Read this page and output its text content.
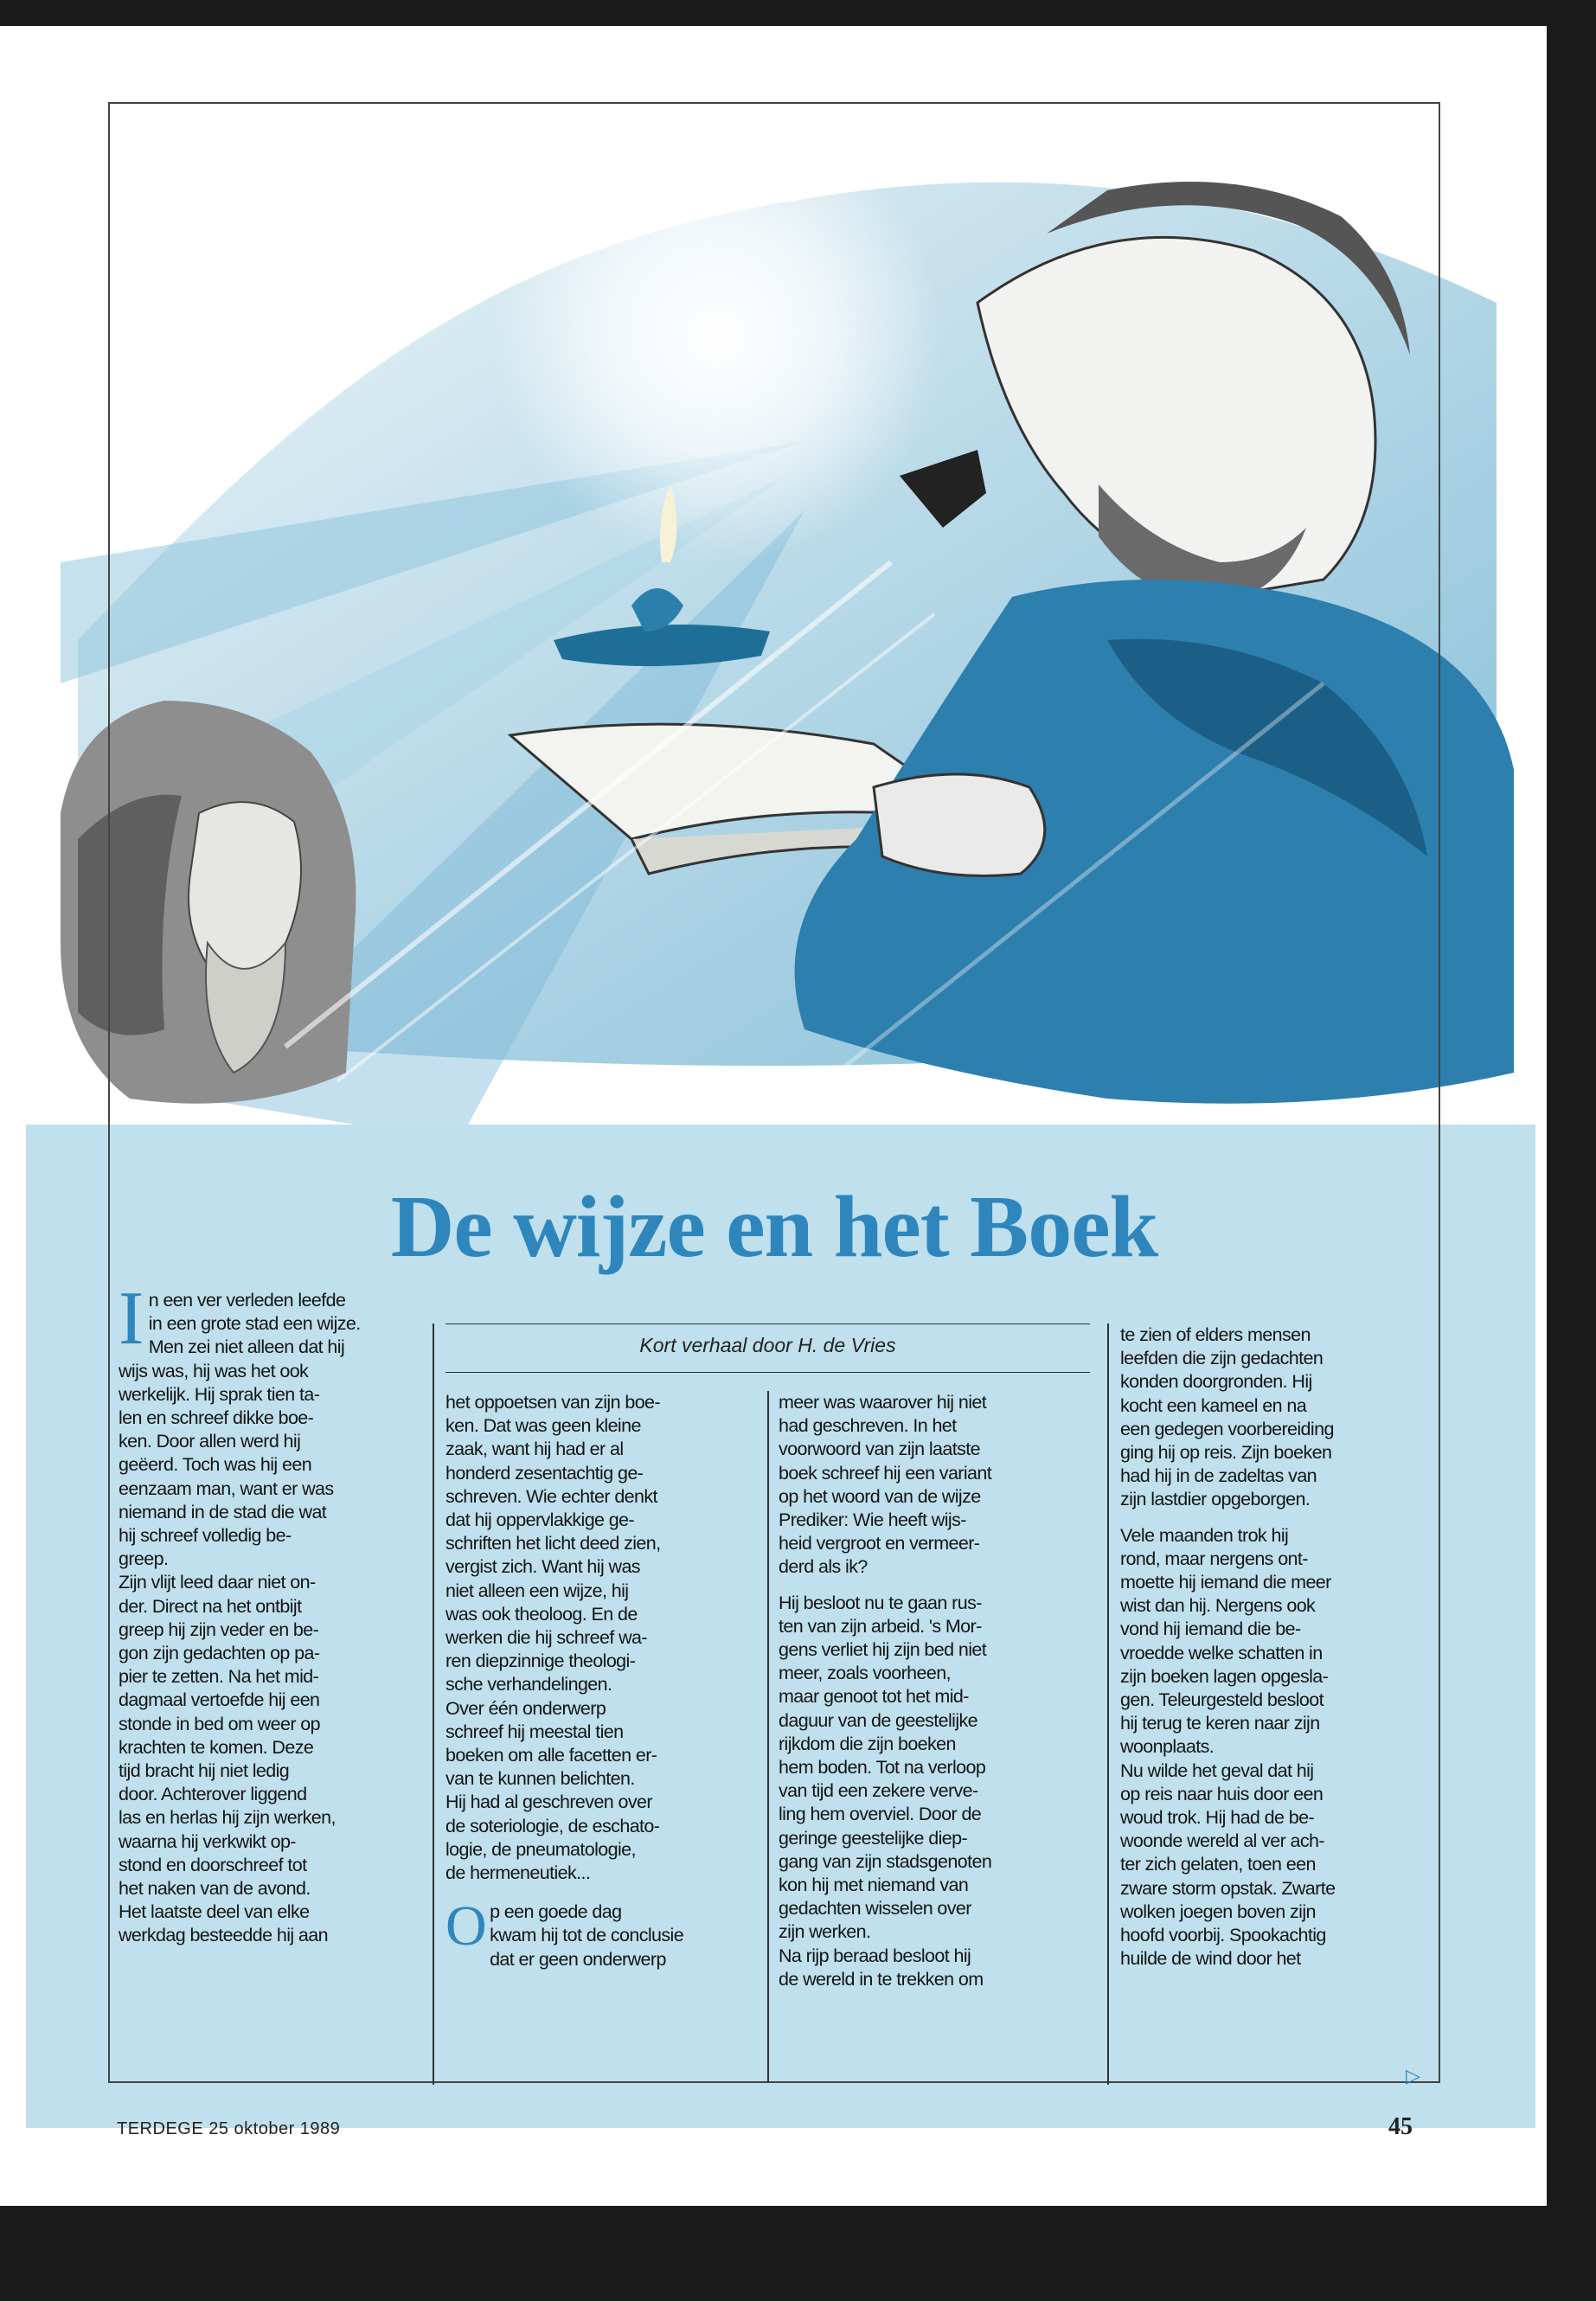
De wijze en het Boek

In een ver verleden leefde
in een grote stad een wijze.
Men zei niet alleen dat hij
wijs was, hij was het ook
werkelijk. Hij sprak tien ta-
len en schreef dikke boe-
ken. Door allen werd hij
geëerd. Toch was hij een
eenzaam man, want er was
niemand in de stad die wat
hij schreef volledig be-
greep.

Zijn vlijt leed daar niet on-
der. Direct na het ontbijt
greep hij zijn veder en be-
gon zijn gedachten op pa-
pier te zetten. Na het mid-
dagmaal vertoefde hij een
stonde in bed om weer op
krachten te komen. Deze
tijd bracht hij niet ledig
door. Achterover liggend
las en herlas hij zijn werken,
waarna hij verkwikt op-
stond en doorschreef tot
het naken van de avond.
Het laatste deel van elke
werkdag besteedde hij aan

Kort verhaal door H. de Vries

het oppoetsen van zijn boe-
ken. Dat was geen kleine
zaak, want hij had er al
honderd zesentachtig ge-
schreven. Wie echter denkt
dat hij oppervlakkige ge-
schriften het licht deed zien,
vergist zich. Want hij was
niet alleen een wijze, hij
was ook theoloog. En de
werken die hij schreef wa-
ren diepzinnige theologi-
sche verhandelingen.
Over één onderwerp
schreef hij meestal tien
boeken om alle facetten er-
van te kunnen belichten.
Hij had al geschreven over
de soteriologie, de eschato-
logie, de pneumatologie,
de hermeneutiek...

Op een goede dag
kwam hij tot de conclusie
dat er geen onderwerp

meer was waarover hij niet
had geschreven. In het
voorwoord van zijn laatste
boek schreef hij een variant
op het woord van de wijze
Prediker: Wie heeft wijs-
heid vergroot en vermeer-
derd als ik?

Hij besloot nu te gaan rus-
ten van zijn arbeid. 's Mor-
gens verliet hij zijn bed niet
meer, zoals voorheen,
maar genoot tot het mid-
daguur van de geestelijke
rijkdom die zijn boeken
hem boden. Tot na verloop
van tijd een zekere verve-
ling hem overviel. Door de
geringe geestelijke diep-
gang van zijn stadsgenoten
kon hij met niemand van
gedachten wisselen over
zijn werken.
Na rijp beraad besloot hij
de wereld in te trekken om

te zien of elders mensen
leefden die zijn gedachten
konden doorgronden. Hij
kocht een kameel en na
een gedegen voorbereiding
ging hij op reis. Zijn boeken
had hij in de zadeltas van
zijn lastdier opgeborgen.

Vele maanden trok hij
rond, maar nergens ont-
moette hij iemand die meer
wist dan hij. Nergens ook
vond hij iemand die be-
vroedde welke schatten in
zijn boeken lagen opgesla-
gen. Teleurgesteld besloot
hij terug te keren naar zijn
woonplaats.
Nu wilde het geval dat hij
op reis naar huis door een
woud trok. Hij had de be-
woonde wereld al ver ach-
ter zich gelaten, toen een
zware storm opstak. Zwarte
wolken joegen boven zijn
hoofd voorbij. Spookachtig
huilde de wind door het

▷
TERDEGE 25 oktober 1989	45
